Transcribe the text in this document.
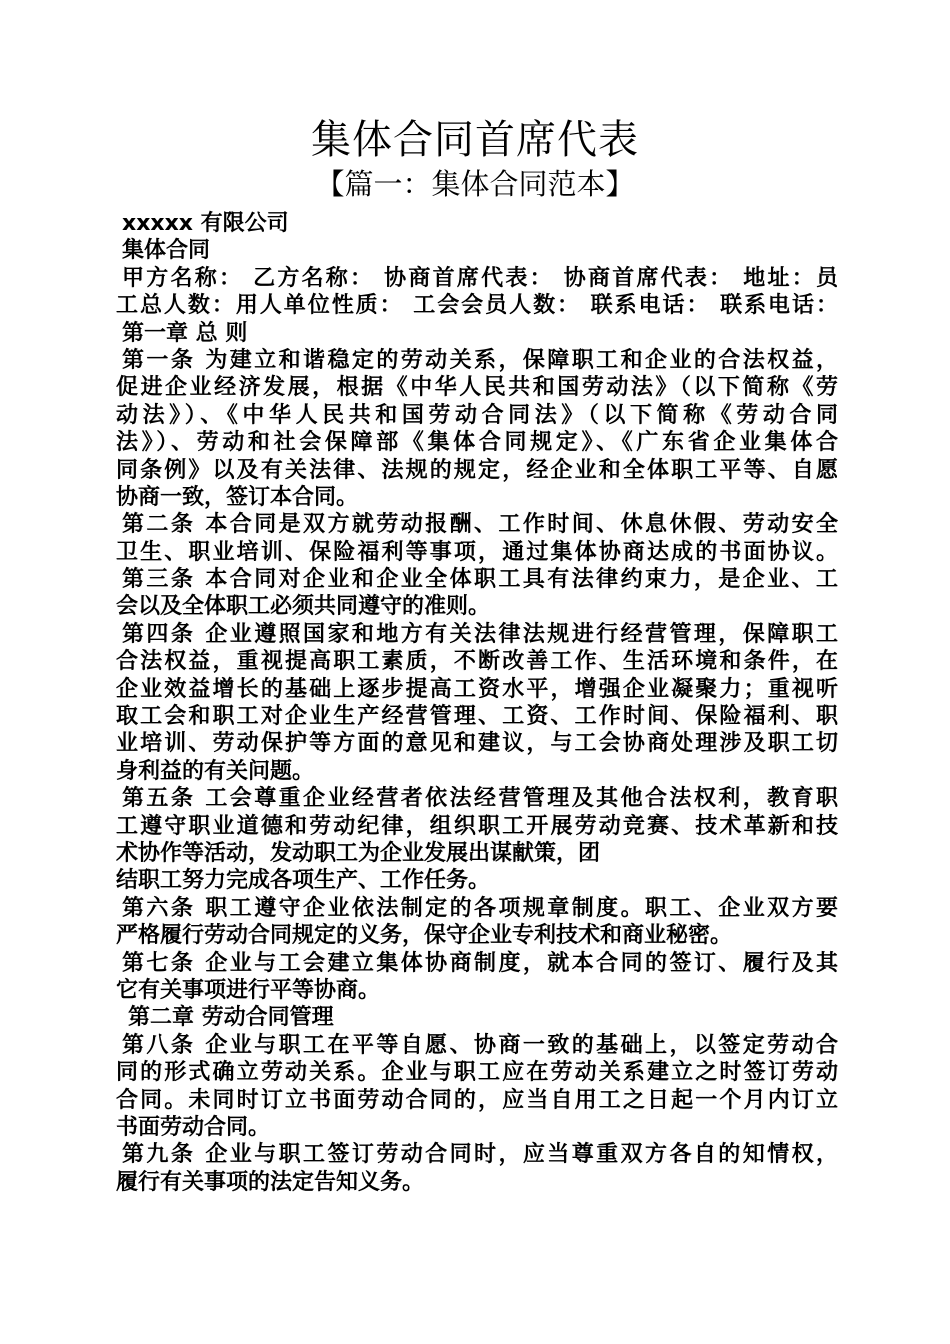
集体合同首席代表
【篇一：集体合同范本】
xxxxx 有限公司
集体合同
甲方名称： 乙方名称： 协商首席代表： 协商首席代表： 地址：员
工总人数：用人单位性质： 工会会员人数： 联系电话： 联系电话：
第一章 总 则
第一条 为建立和谐稳定的劳动关系，保障职工和企业的合法权益，
促进企业经济发展，根据《中华人民共和国劳动法》（以下简称《劳
动法》）、《中华人民共和国劳动合同法》（以下简称《劳动合同
法》）、劳动和社会保障部《集体合同规定》、《广东省企业集体合
同条例》以及有关法律、法规的规定，经企业和全体职工平等、自愿
协商一致，签订本合同。
第二条 本合同是双方就劳动报酬、工作时间、休息休假、劳动安全
卫生、职业培训、保险福利等事项，通过集体协商达成的书面协议。
第三条 本合同对企业和企业全体职工具有法律约束力，是企业、工
会以及全体职工必须共同遵守的准则。
第四条 企业遵照国家和地方有关法律法规进行经营管理，保障职工
合法权益，重视提高职工素质，不断改善工作、生活环境和条件，在
企业效益增长的基础上逐步提高工资水平，增强企业凝聚力；重视听
取工会和职工对企业生产经营管理、工资、工作时间、保险福利、职
业培训、劳动保护等方面的意见和建议，与工会协商处理涉及职工切
身利益的有关问题。
第五条 工会尊重企业经营者依法经营管理及其他合法权利，教育职
工遵守职业道德和劳动纪律，组织职工开展劳动竞赛、技术革新和技
术协作等活动，发动职工为企业发展出谋献策，团
结职工努力完成各项生产、工作任务。
第六条 职工遵守企业依法制定的各项规章制度。职工、企业双方要
严格履行劳动合同规定的义务，保守企业专利技术和商业秘密。
第七条 企业与工会建立集体协商制度，就本合同的签订、履行及其
它有关事项进行平等协商。
第二章 劳动合同管理
第八条 企业与职工在平等自愿、协商一致的基础上，以签定劳动合
同的形式确立劳动关系。企业与职工应在劳动关系建立之时签订劳动
合同。未同时订立书面劳动合同的，应当自用工之日起一个月内订立
书面劳动合同。
第九条 企业与职工签订劳动合同时，应当尊重双方各自的知情权，
履行有关事项的法定告知义务。
